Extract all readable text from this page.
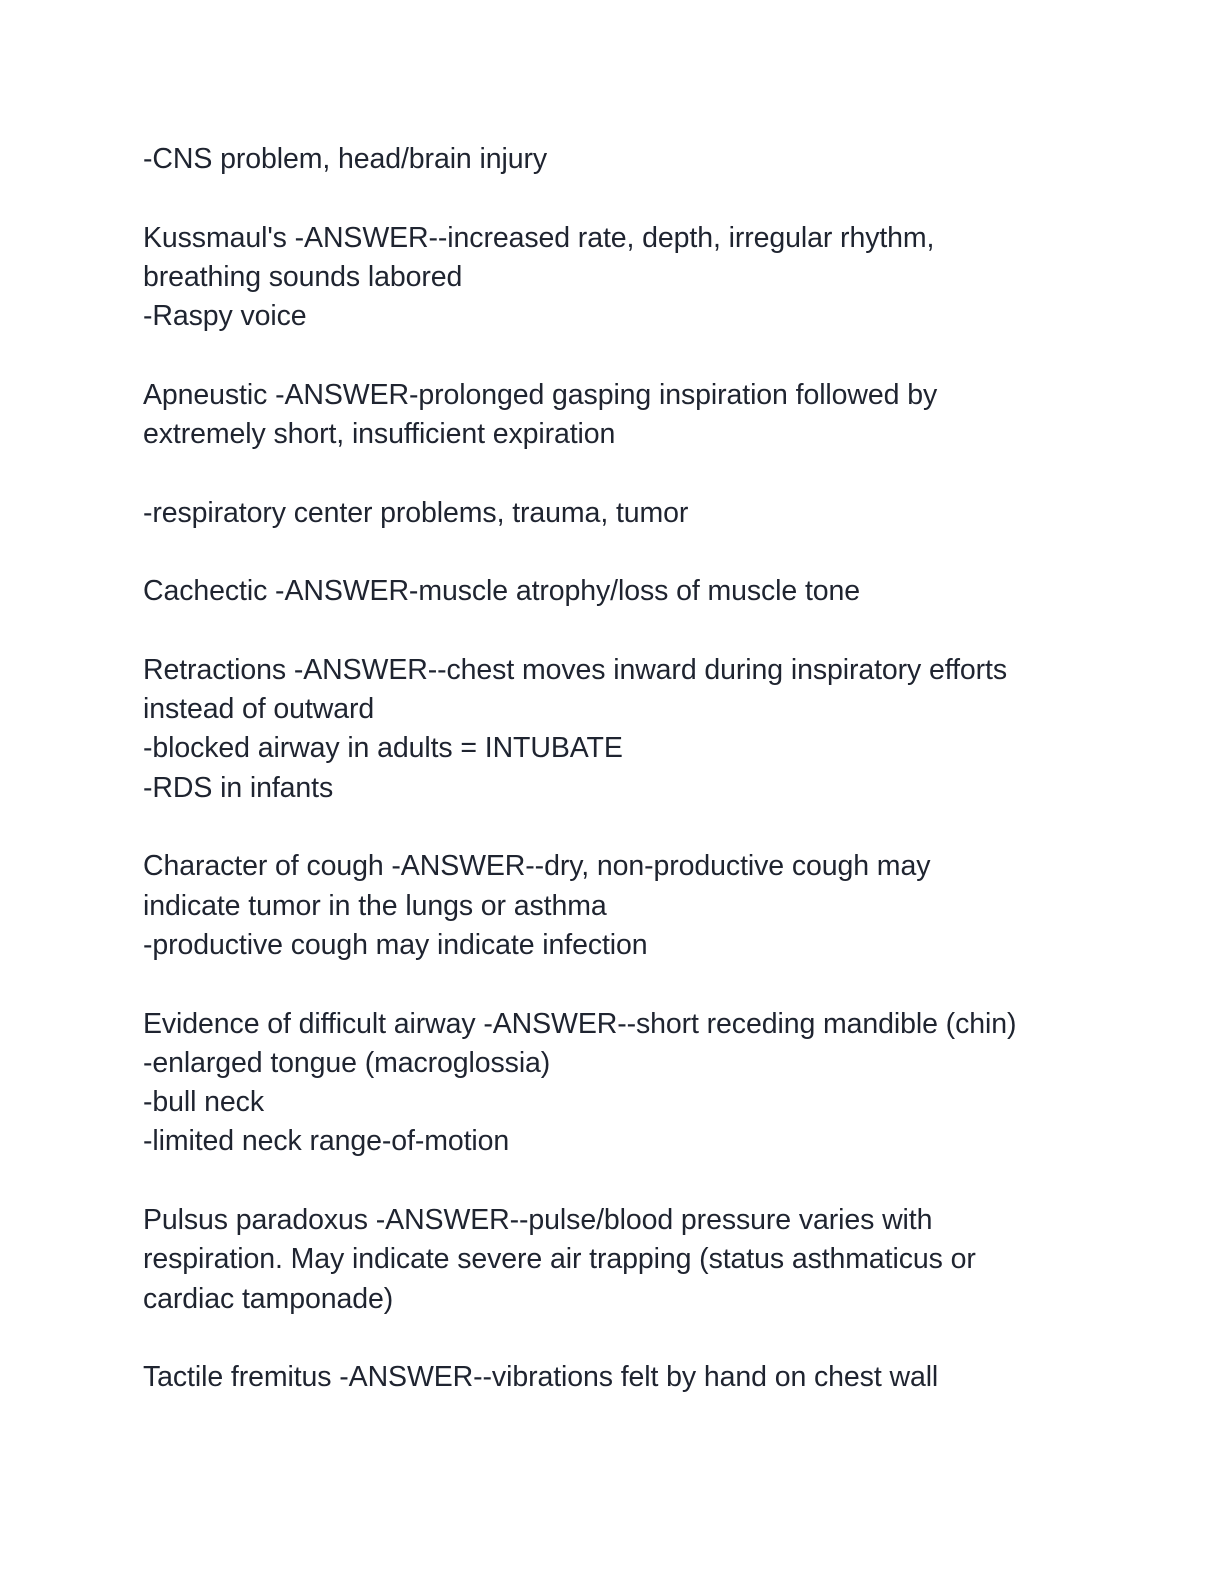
-CNS problem, head/brain injury

Kussmaul's -ANSWER--increased rate, depth, irregular rhythm,
breathing sounds labored
-Raspy voice

Apneustic -ANSWER-prolonged gasping inspiration followed by
extremely short, insufficient expiration

-respiratory center problems, trauma, tumor

Cachectic -ANSWER-muscle atrophy/loss of muscle tone

Retractions -ANSWER--chest moves inward during inspiratory efforts
instead of outward
-blocked airway in adults = INTUBATE
-RDS in infants

Character of cough -ANSWER--dry, non-productive cough may
indicate tumor in the lungs or asthma
-productive cough may indicate infection

Evidence of difficult airway -ANSWER--short receding mandible (chin)
-enlarged tongue (macroglossia)
-bull neck
-limited neck range-of-motion

Pulsus paradoxus -ANSWER--pulse/blood pressure varies with
respiration. May indicate severe air trapping (status asthmaticus or
cardiac tamponade)

Tactile fremitus -ANSWER--vibrations felt by hand on chest wall
